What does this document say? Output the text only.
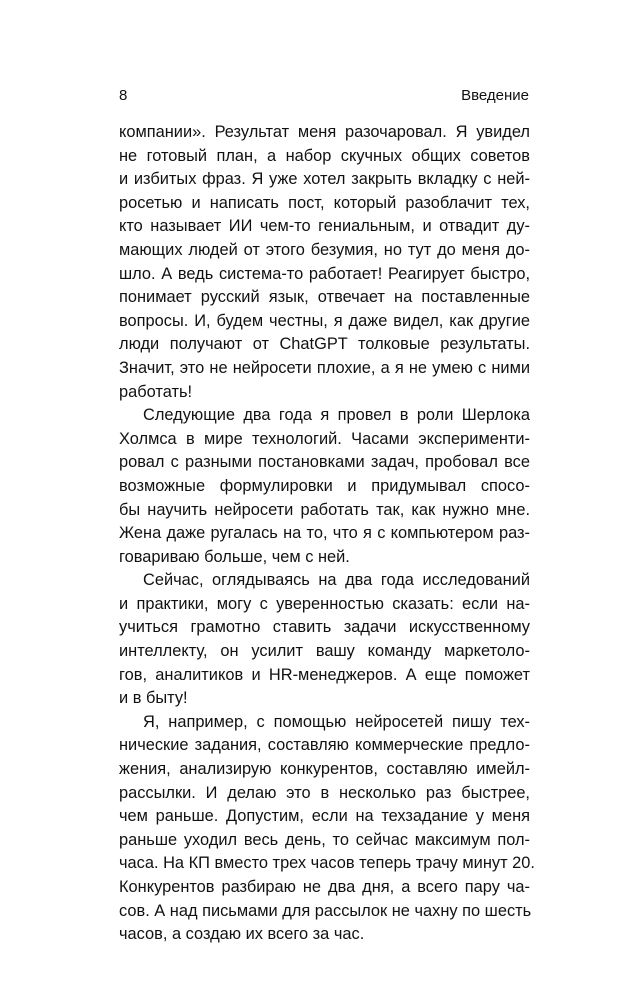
8	Введение
компании». Результат меня разочаровал. Я увидел
не готовый план, а набор скучных общих советов
и избитых фраз. Я уже хотел закрыть вкладку с ней-
росетью и написать пост, который разоблачит тех,
кто называет ИИ чем-то гениальным, и отвадит ду-
мающих людей от этого безумия, но тут до меня до-
шло. А ведь система-то работает! Реагирует быстро,
понимает русский язык, отвечает на поставленные
вопросы. И, будем честны, я даже видел, как другие
люди получают от ChatGPT толковые результаты.
Значит, это не нейросети плохие, а я не умею с ними
работать!
Следующие два года я провел в роли Шерлока
Холмса в мире технологий. Часами эксперименти-
ровал с разными постановками задач, пробовал все
возможные формулировки и придумывал спосо-
бы научить нейросети работать так, как нужно мне.
Жена даже ругалась на то, что я с компьютером раз-
говариваю больше, чем с ней.
Сейчас, оглядываясь на два года исследований
и практики, могу с уверенностью сказать: если на-
учиться грамотно ставить задачи искусственному
интеллекту, он усилит вашу команду маркетоло-
гов, аналитиков и HR-менеджеров. А еще поможет
и в быту!
Я, например, с помощью нейросетей пишу тех-
нические задания, составляю коммерческие предло-
жения, анализирую конкурентов, составляю имейл-
рассылки. И делаю это в несколько раз быстрее,
чем раньше. Допустим, если на техзадание у меня
раньше уходил весь день, то сейчас максимум пол-
часа. На КП вместо трех часов теперь трачу минут 20.
Конкурентов разбираю не два дня, а всего пару ча-
сов. А над письмами для рассылок не чахну по шесть
часов, а создаю их всего за час.
